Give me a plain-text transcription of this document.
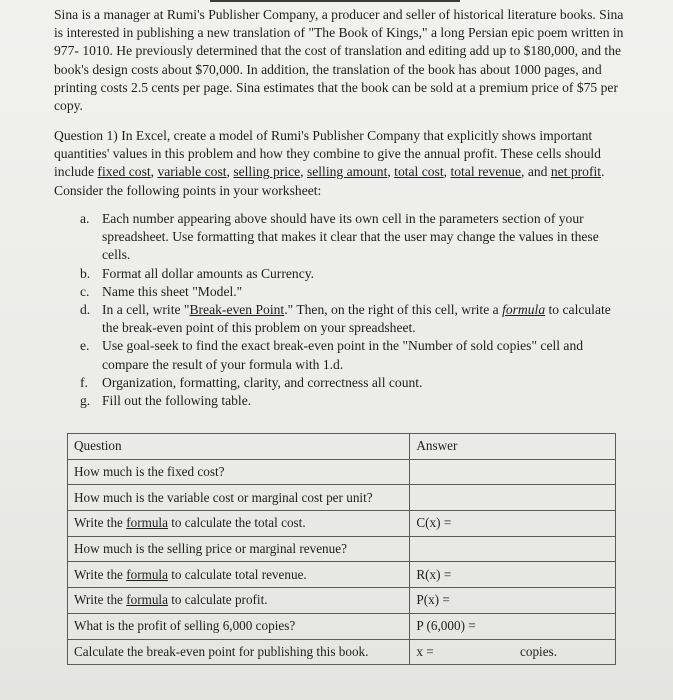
Sina is a manager at Rumi's Publisher Company, a producer and seller of historical literature books. Sina is interested in publishing a new translation of "The Book of Kings," a long Persian epic poem written in 977- 1010. He previously determined that the cost of translation and editing add up to $180,000, and the book's design costs about $70,000. In addition, the translation of the book has about 1000 pages, and printing costs 2.5 cents per page. Sina estimates that the book can be sold at a premium price of $75 per copy.

Question 1) In Excel, create a model of Rumi's Publisher Company that explicitly shows important quantities' values in this problem and how they combine to give the annual profit. These cells should include fixed cost, variable cost, selling price, selling amount, total cost, total revenue, and net profit. Consider the following points in your worksheet:

a. Each number appearing above should have its own cell in the parameters section of your spreadsheet. Use formatting that makes it clear that the user may change the values in these cells.
b. Format all dollar amounts as Currency.
c. Name this sheet "Model."
d. In a cell, write "Break-even Point." Then, on the right of this cell, write a formula to calculate the break-even point of this problem on your spreadsheet.
e. Use goal-seek to find the exact break-even point in the "Number of sold copies" cell and compare the result of your formula with 1.d.
f. Organization, formatting, clarity, and correctness all count.
g. Fill out the following table.
Question	Answer
How much is the fixed cost?	
How much is the variable cost or marginal cost per unit?	
Write the formula to calculate the total cost.	C(x) =
How much is the selling price or marginal revenue?	
Write the formula to calculate total revenue.	R(x) =
Write the formula to calculate profit.	P(x) =
What is the profit of selling 6,000 copies?	P (6,000) =
Calculate the break-even point for publishing this book.	x = copies.
